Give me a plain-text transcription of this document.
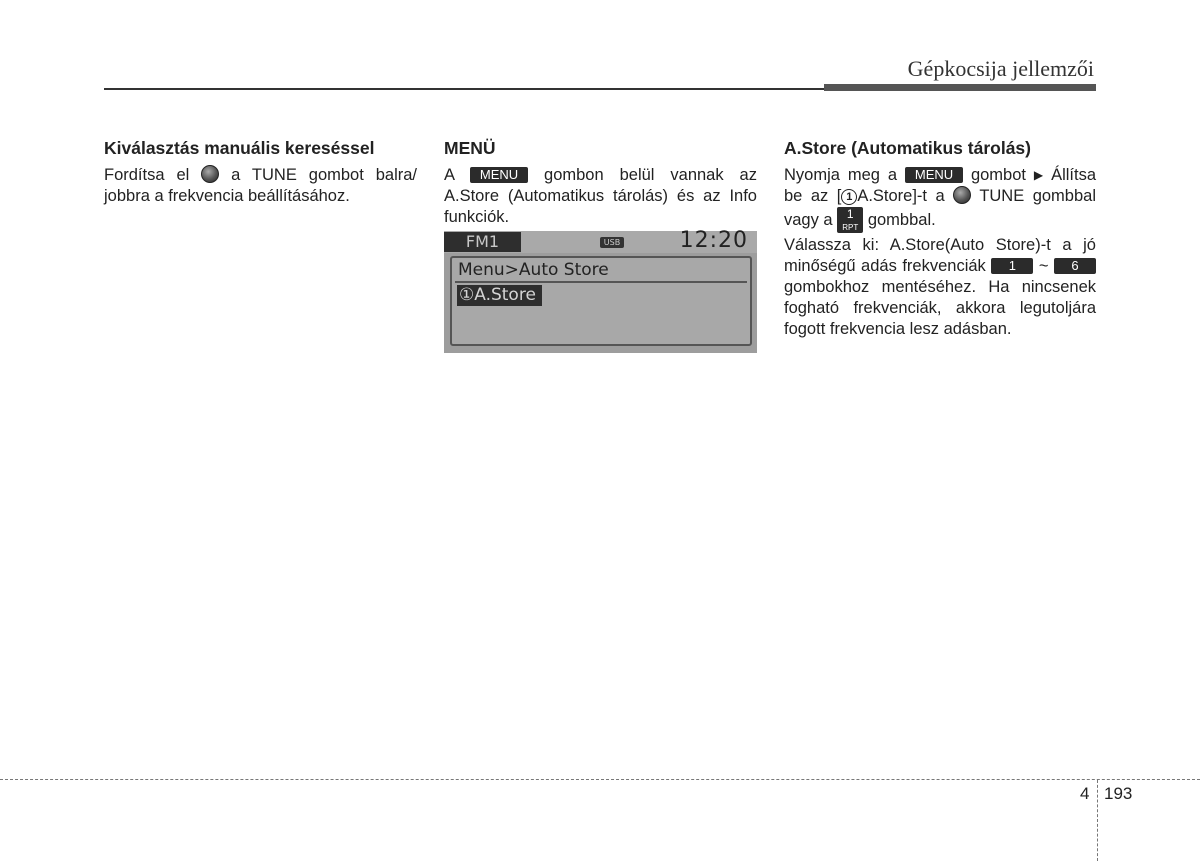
Gépkocsija jellemzői
Kiválasztás manuális kereséssel

Fordítsa el	a TUNE gombot balra/ jobbra a frekvencia beállításához.

MENÜ

A MENU gombon belül vannak az A.Store (Automatikus tárolás) és az Info funkciók.

FM1	USB	12:20
Menu>Auto Store
①A.Store
A.Store (Automatikus tárolás)

Nyomja meg a MENU gombot ▶ Állítsa be az [ 1 A.Store]-t a TUNE gombbal vagy a	1
RPT gombbal.

Válassza ki: A.Store(Auto Store)-t a jó minőségű adás frekvenciák 1 ~ 6 gombokhoz mentéséhez. Ha nincsenek fogható frekvenciák, akkora legutoljára fogott frekvencia lesz adásban.

4 193
